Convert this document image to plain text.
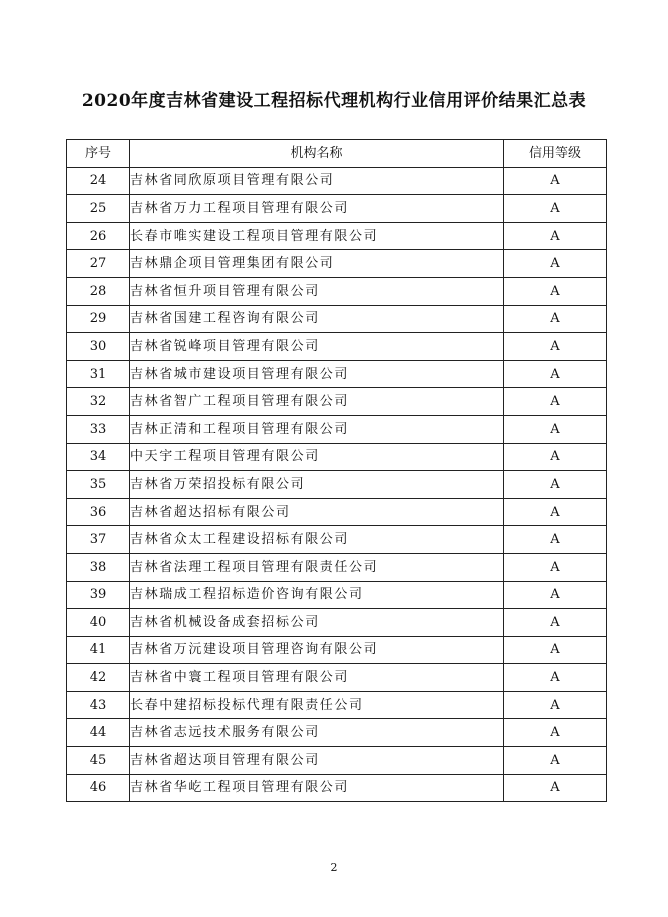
2020年度吉林省建设工程招标代理机构行业信用评价结果汇总表
序号	机构名称	信用等级
24	吉林省同欣原项目管理有限公司	A
25	吉林省万力工程项目管理有限公司	A
26	长春市唯实建设工程项目管理有限公司	A
27	吉林鼎企项目管理集团有限公司	A
28	吉林省恒升项目管理有限公司	A
29	吉林省国建工程咨询有限公司	A
30	吉林省锐峰项目管理有限公司	A
31	吉林省城市建设项目管理有限公司	A
32	吉林省智广工程项目管理有限公司	A
33	吉林正清和工程项目管理有限公司	A
34	中天宇工程项目管理有限公司	A
35	吉林省万荣招投标有限公司	A
36	吉林省超达招标有限公司	A
37	吉林省众太工程建设招标有限公司	A
38	吉林省法理工程项目管理有限责任公司	A
39	吉林瑞成工程招标造价咨询有限公司	A
40	吉林省机械设备成套招标公司	A
41	吉林省万沅建设项目管理咨询有限公司	A
42	吉林省中寰工程项目管理有限公司	A
43	长春中建招标投标代理有限责任公司	A
44	吉林省志远技术服务有限公司	A
45	吉林省超达项目管理有限公司	A
46	吉林省华屹工程项目管理有限公司	A
2
